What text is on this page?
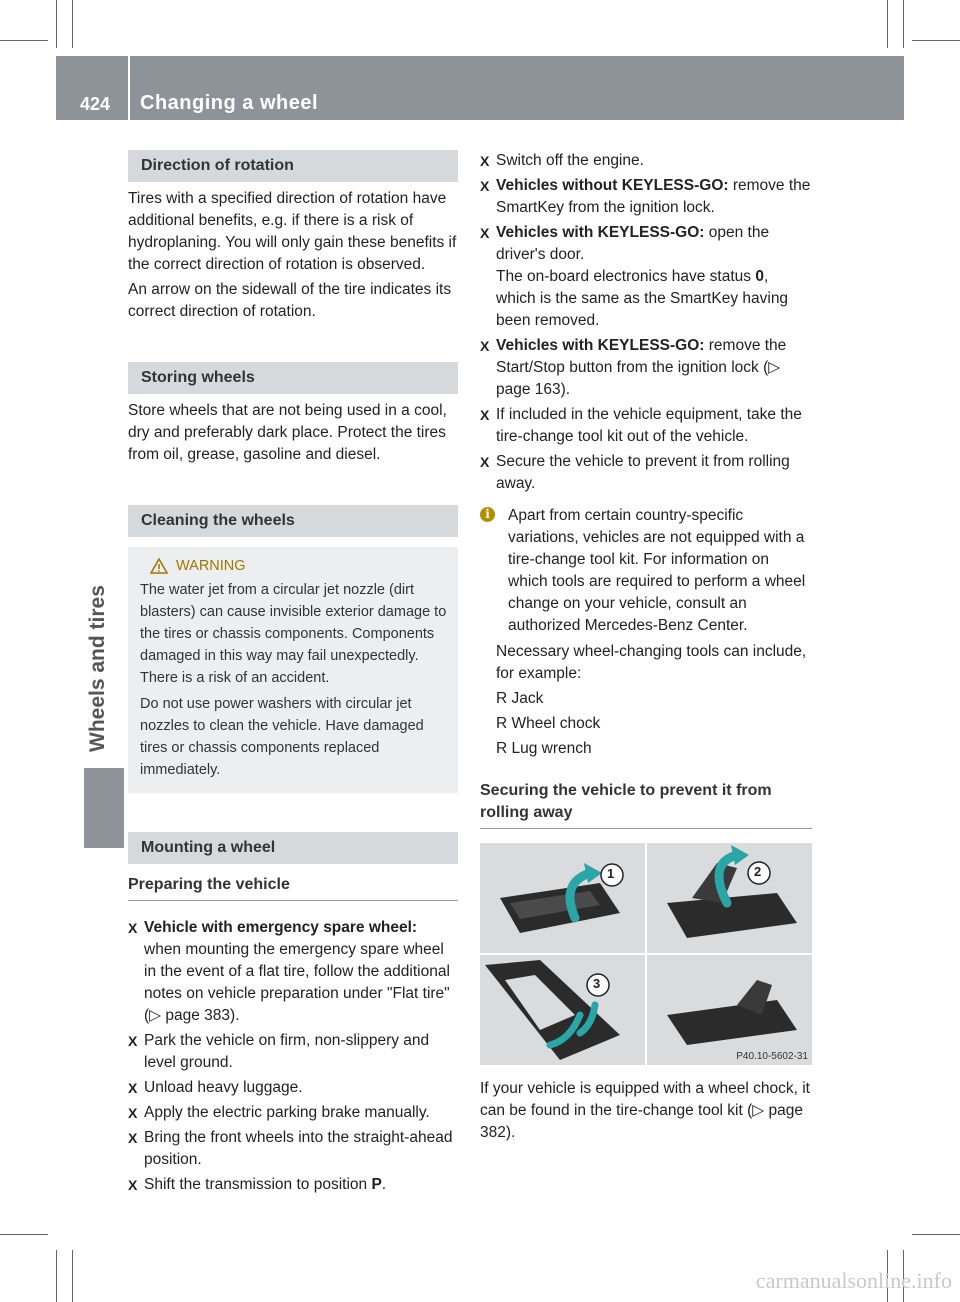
424 Changing a wheel
Wheels and tires
Direction of rotation

Tires with a specified direction of rotation have additional benefits, e.g. if there is a risk of hydroplaning. You will only gain these benefits if the correct direction of rotation is observed.

An arrow on the sidewall of the tire indicates its correct direction of rotation.

Storing wheels

Store wheels that are not being used in a cool, dry and preferably dark place. Protect the tires from oil, grease, gasoline and diesel.

Cleaning the wheels
WARNING

The water jet from a circular jet nozzle (dirt blasters) can cause invisible exterior damage to the tires or chassis components. Components damaged in this way may fail unexpectedly. There is a risk of an accident.

Do not use power washers with circular jet nozzles to clean the vehicle. Have damaged tires or chassis components replaced immediately.

Mounting a wheel
Preparing the vehicle
X Vehicle with emergency spare wheel: when mounting the emergency spare wheel in the event of a flat tire, follow the additional notes on vehicle preparation under "Flat tire" (▷ page 383).
X Park the vehicle on firm, non-slippery and level ground.
X Unload heavy luggage.
X Apply the electric parking brake manually.
X Bring the front wheels into the straight-ahead position.
X Shift the transmission to position P.
X Switch off the engine.
X Vehicles without KEYLESS-GO: remove the SmartKey from the ignition lock.
X Vehicles with KEYLESS-GO: open the driver's door.
The on-board electronics have status 0, which is the same as the SmartKey having been removed.
X Vehicles with KEYLESS-GO: remove the Start/Stop button from the ignition lock (▷ page 163).
X If included in the vehicle equipment, take the tire-change tool kit out of the vehicle.
X Secure the vehicle to prevent it from rolling away.
i	Apart from certain country-specific variations, vehicles are not equipped with a tire-change tool kit. For information on which tools are required to perform a wheel change on your vehicle, consult an authorized Mercedes-Benz Center.

Necessary wheel-changing tools can include, for example:

R Jack
R Wheel chock
R Lug wrench
Securing the vehicle to prevent it from rolling away
1	2
3
P40.10-5602-31

If your vehicle is equipped with a wheel chock, it can be found in the tire-change tool kit (▷ page 382).

carmanualsonline.info
